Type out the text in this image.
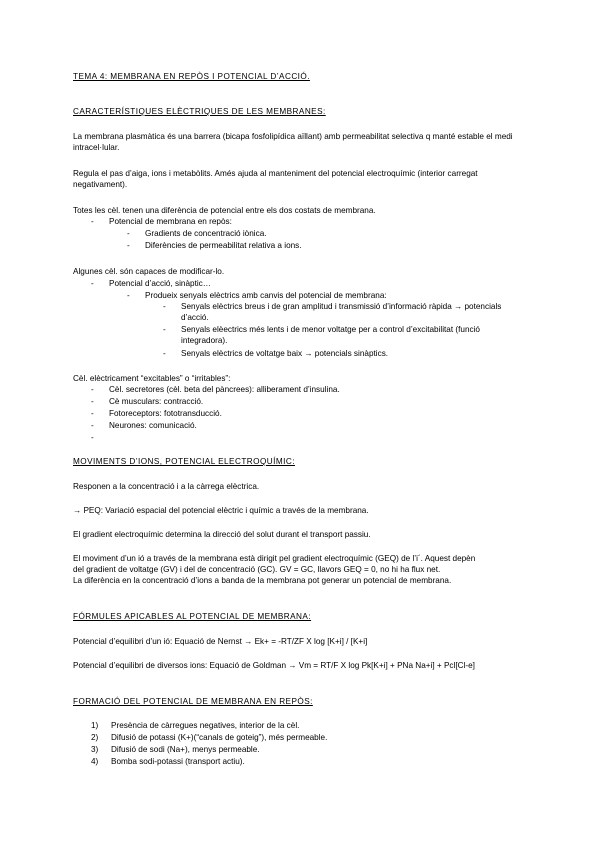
TEMA 4: MEMBRANA EN REPÒS I POTENCIAL D’ACCIÓ.
CARACTERÍSTIQUES ELÈCTRIQUES DE LES MEMBRANES:
La membrana plasmàtica és una barrera (bicapa fosfolipídica aïllant) amb permeabilitat selectiva q manté estable el medi intracel·lular.
Regula el pas d’aiga, ions i metabòlits. Amés ajuda al manteniment del potencial electroquímic (interior carregat negativament).
Totes les cèl. tenen una diferència de potencial entre els dos costats de membrana.
- Potencial de membrana en repòs:
- Gradients de concentració iònica.
- Diferències de permeabilitat relativa a ions.
Algunes cèl. són capaces de modificar-lo.
- Potencial d’acció, sinàptic…
- Produeix senyals elèctrics amb canvis del potencial de membrana:
- Senyals elèctrics breus i de gran amplitud i transmissió d’informació ràpida → potencials d’acció.
- Senyals elèectrics més lents i de menor voltatge per a control d’excitabilitat (funció integradora).
- Senyals elèctrics de voltatge baix → potencials sinàptics.
Cèl. elèctricament “excitables” o “irritables”:
- Cèl. secretores (cèl. beta del pàncrees): alliberament d’insulina.
- Cè musculars: contracció.
- Fotoreceptors: fototransducció.
- Neurones: comunicació.
-
MOVIMENTS D’IONS, POTENCIAL ELECTROQUÍMIC:
Responen a la concentració i a la càrrega elèctrica.
→ PEQ: Variació espacial del potencial elèctric i químic a través de la membrana.
El gradient electroquímic determina la direcció del solut durant el transport passiu.
El moviment d’un ió a través de la membrana està dirigit pel gradient electroquímic (GEQ) de l’i´. Aquest depèn
del gradient de voltatge (GV) i del de concentració (GC). GV = GC, llavors GEQ = 0, no hi ha flux net.
La diferència en la concentració d’ions a banda de la membrana pot generar un potencial de membrana.
FÓRMULES APICABLES AL POTENCIAL DE MEMBRANA:
Potencial d’equilibri d’un ió: Equació de Nernst → Ek+ = -RT/ZF X log [K+i] / [K+i]
Potencial d’equilibri de diversos ions: Equació de Goldman → Vm = RT/F X log Pk[K+i] + PNa Na+i] + Pcl[Cl-e]
FORMACIÓ DEL POTENCIAL DE MEMBRANA EN REPÒS:
1) Presència de càrregues negatives, interior de la cèl.
2) Difusió de potassi (K+)(“canals de goteig”), més permeable.
3) Difusió de sodi (Na+), menys permeable.
4) Bomba sodi-potassi (transport actiu).
